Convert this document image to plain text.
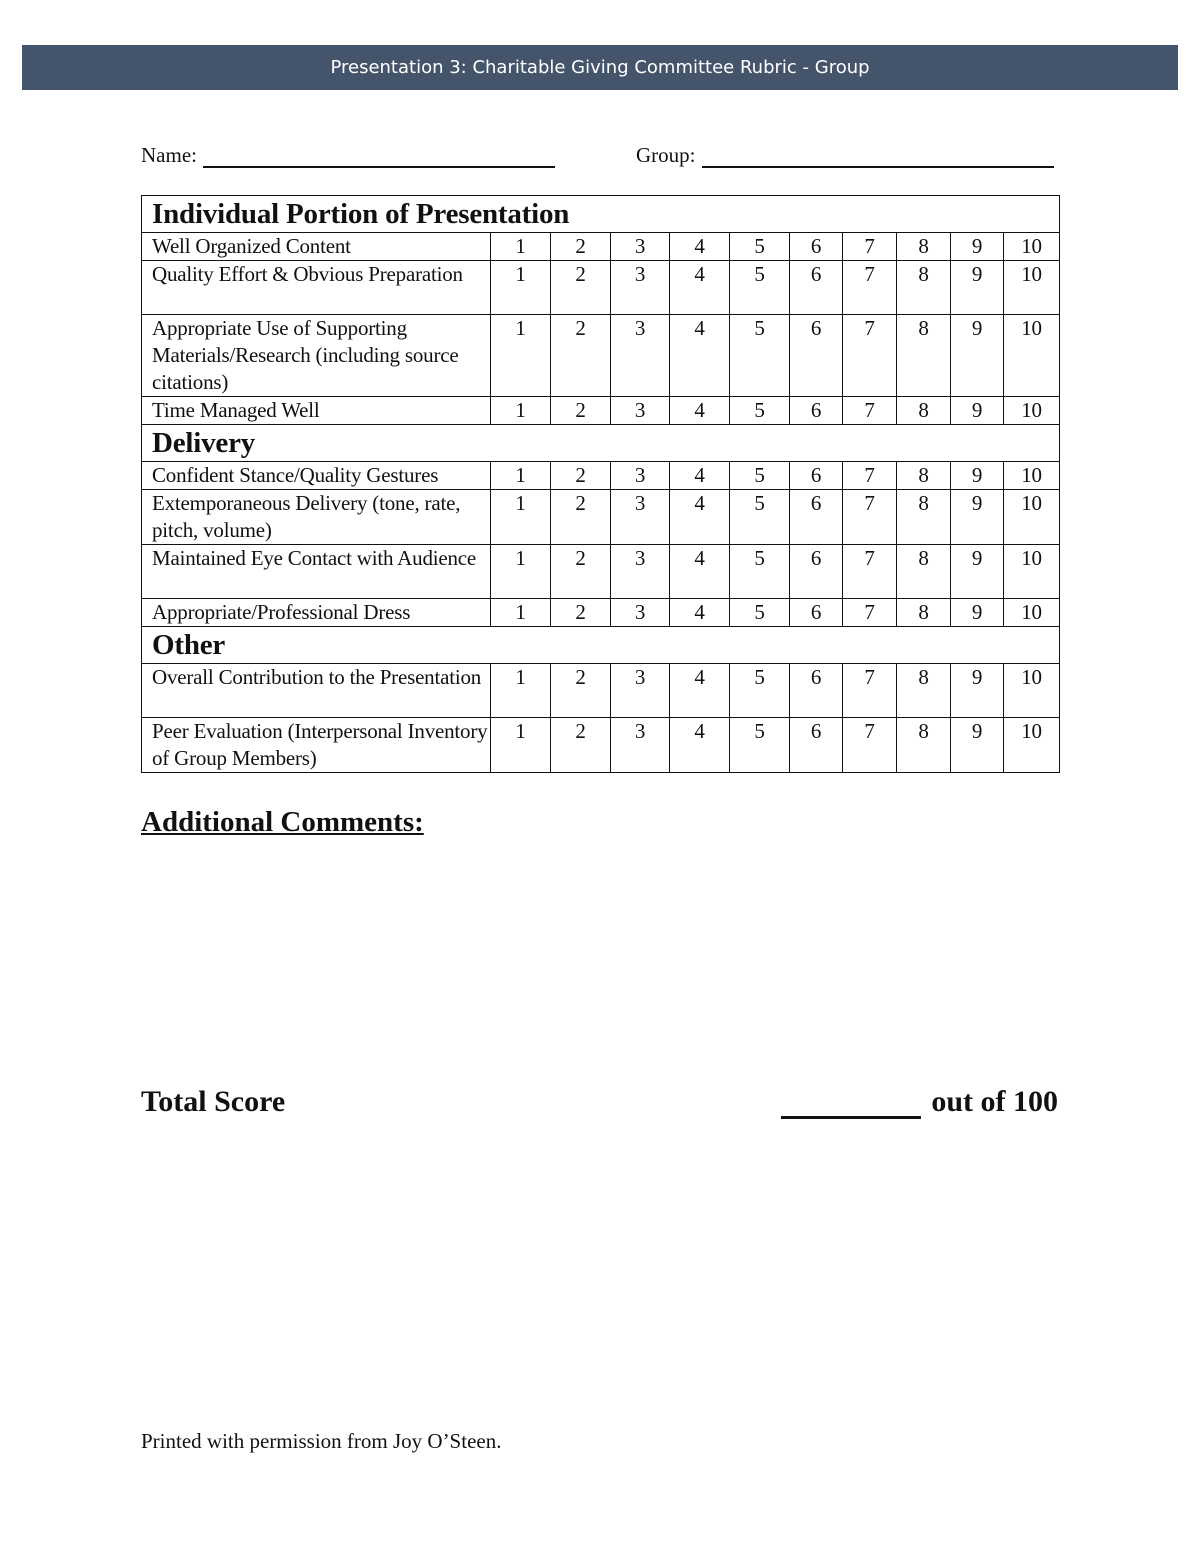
Presentation 3: Charitable Giving Committee Rubric - Group
Name:	Group:
Individual Portion of Presentation										
Well Organized Content	1	2	3	4	5	6	7	8	9	10
Quality Effort & Obvious Preparation	1	2	3	4	5	6	7	8	9	10
Appropriate Use of Supporting Materials/Research (including source citations)	1	2	3	4	5	6	7	8	9	10
Time Managed Well	1	2	3	4	5	6	7	8	9	10
Delivery										
Confident Stance/Quality Gestures	1	2	3	4	5	6	7	8	9	10
Extemporaneous Delivery (tone, rate, pitch, volume)	1	2	3	4	5	6	7	8	9	10
Maintained Eye Contact with Audience	1	2	3	4	5	6	7	8	9	10
Appropriate/Professional Dress	1	2	3	4	5	6	7	8	9	10
Other										
Overall Contribution to the Presentation	1	2	3	4	5	6	7	8	9	10
Peer Evaluation (Interpersonal Inventory of Group Members)	1	2	3	4	5	6	7	8	9	10
Additional Comments:
Total Score	out of 100
Printed with permission from Joy O’Steen.
